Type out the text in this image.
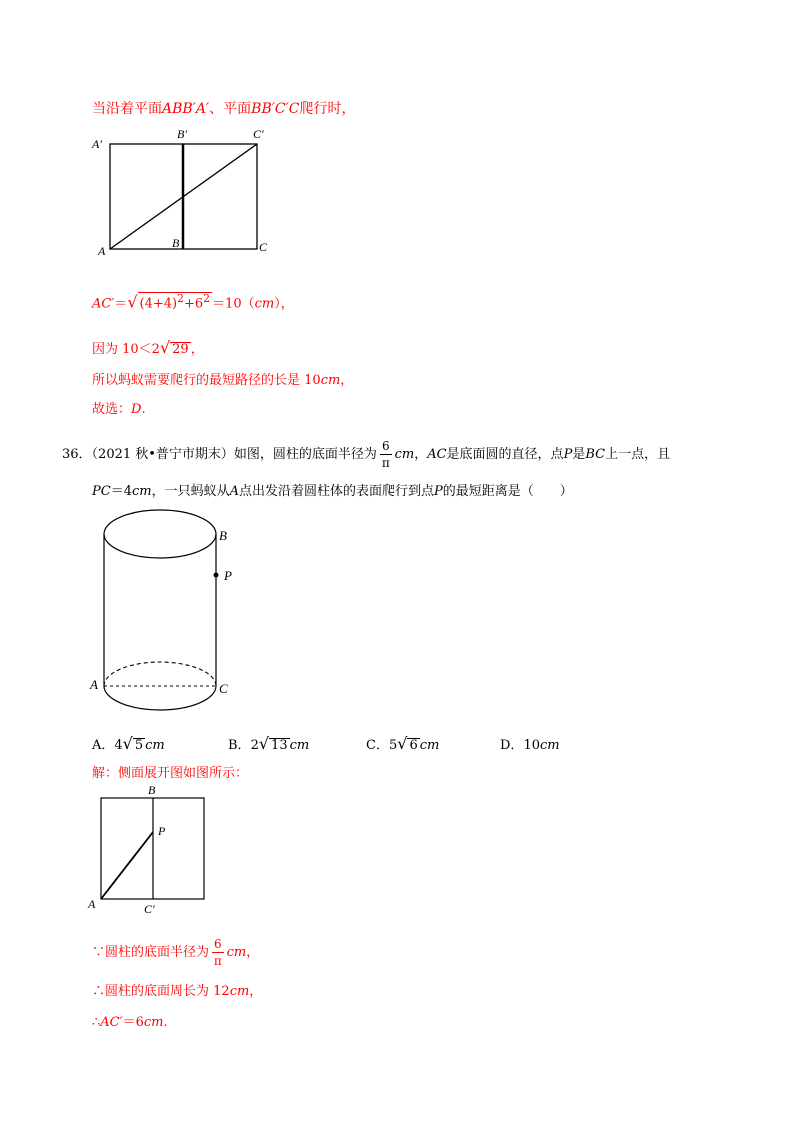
当沿着平面ABB′A′、平面BB′C′C爬行时，
A′
B′	C′
A
B	C
AC′＝√ $(4+4)^2+6^2 =10(cm)$，
因为 10＜2√ 29 ，
所以蚂蚁需要爬行的最短路径的长是 10cm，
故选：D.
36．（2021 秋•普宁市期末）如图，圆柱的底面半径为 $\frac{6}{\pi}$ cm，AC是底面圆的直径，点P是BC上一点，且
PC＝4cm，一只蚂蚁从A点出发沿着圆柱体的表面爬行到点P的最短距离是（　　）
B
P
A	C
A．4√ 5 cm	B．2√ 13 cm	C．5√ 6 cm	D．10cm
解：侧面展开图如图所示：
B
P
A	C′
∵圆柱的底面半径为 $\frac{6}{\pi}$ cm，
∴圆柱的底面周长为 12cm，
∴AC′＝6cm.
